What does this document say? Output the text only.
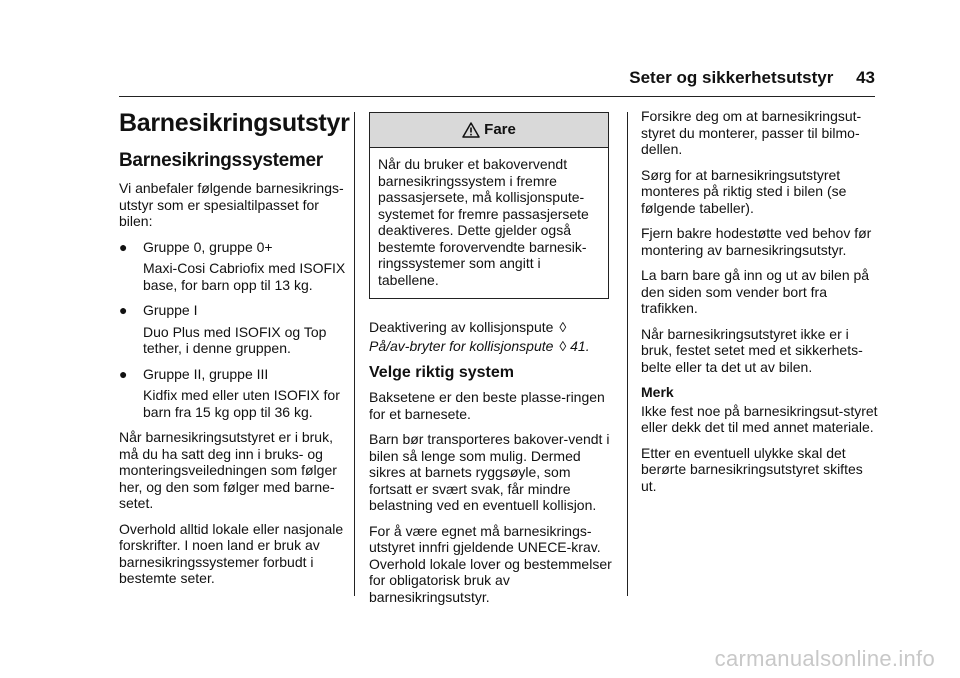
Seter og sikkerhetsutstyr 43
Barnesikringsutstyr
Barnesikringssystemer

Vi anbefaler følgende barnesikrings-utstyr som er spesialtilpasset for bilen:

●	Gruppe 0, gruppe 0+

Maxi-Cosi Cabriofix med ISOFIX base, for barn opp til 13 kg.

●	Gruppe I

Duo Plus med ISOFIX og Top tether, i denne gruppen.

●	Gruppe II, gruppe III

Kidfix med eller uten ISOFIX for barn fra 15 kg opp til 36 kg.

Når barnesikringsutstyret er i bruk, må du ha satt deg inn i bruks- og monteringsveiledningen som følger her, og den som følger med barne-setet.

Overhold alltid lokale eller nasjonale forskrifter. I noen land er bruk av barnesikringssystemer forbudt i bestemte seter.

Fare
Når du bruker et bakovervendt barnesikringssystem i fremre passasjersete, må kollisjonspute-systemet for fremre passasjersete deaktiveres. Dette gjelder også bestemte forovervendte barnesik-ringssystemer som angitt i tabellene.

Deaktivering av kollisjonspute ◊

På/av-bryter for kollisjonspute ◊ 41.

Velge riktig system

Baksetene er den beste plasse-ringen for et barnesete.

Barn bør transporteres bakover-vendt i bilen så lenge som mulig. Dermed sikres at barnets ryggsøyle, som fortsatt er svært svak, får mindre belastning ved en eventuell kollisjon.

For å være egnet må barnesikrings-utstyret innfri gjeldende UNECE-krav. Overhold lokale lover og bestemmelser for obligatorisk bruk av barnesikringsutstyr.

Forsikre deg om at barnesikringsut-styret du monterer, passer til bilmo-dellen.

Sørg for at barnesikringsutstyret monteres på riktig sted i bilen (se følgende tabeller).

Fjern bakre hodestøtte ved behov før montering av barnesikringsutstyr.

La barn bare gå inn og ut av bilen på den siden som vender bort fra trafikken.

Når barnesikringsutstyret ikke er i bruk, festet setet med et sikkerhets-belte eller ta det ut av bilen.

Merk

Ikke fest noe på barnesikringsut-styret eller dekk det til med annet materiale.

Etter en eventuell ulykke skal det berørte barnesikringsutstyret skiftes ut.

carmanualsonline.info
